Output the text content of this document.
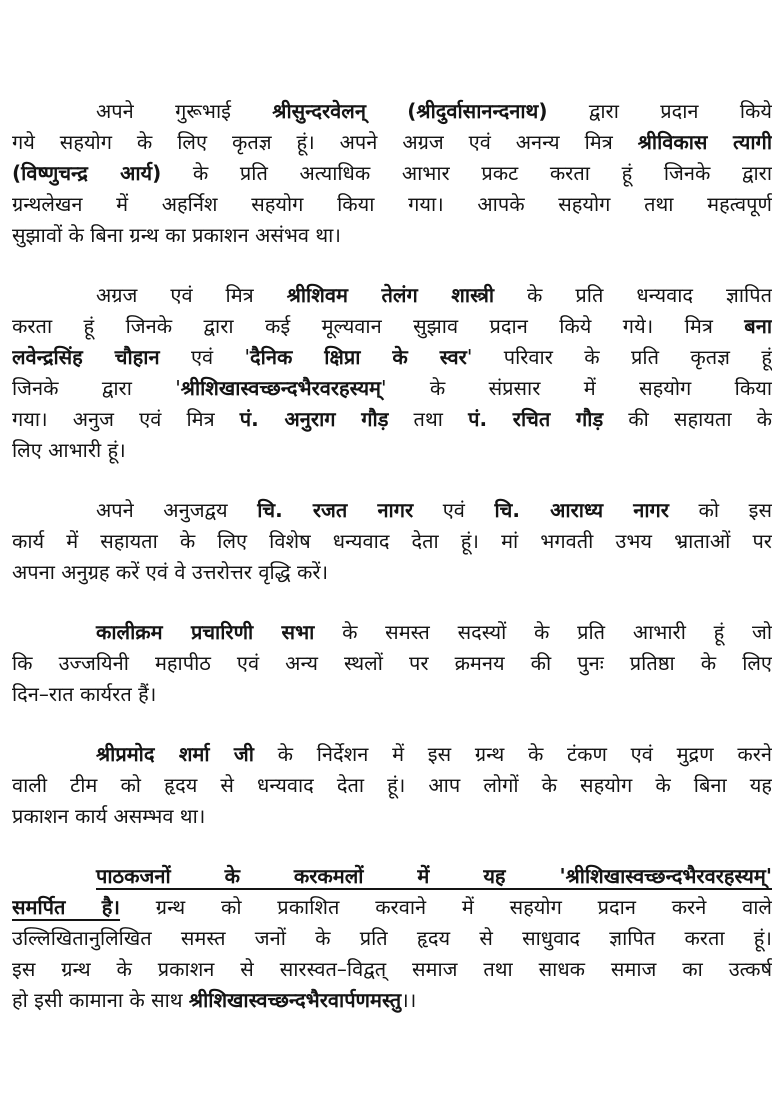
अपने गुरूभाई श्रीसुन्दरवेलन् (श्रीदुर्वासानन्दनाथ) द्वारा प्रदान किये
गये सहयोग के लिए कृतज्ञ हूं। अपने अग्रज एवं अनन्य मित्र श्रीविकास त्यागी
(विष्णुचन्द्र आर्य) के प्रति अत्याधिक आभार प्रकट करता हूं जिनके द्वारा
ग्रन्थलेखन में अहर्निश सहयोग किया गया। आपके सहयोग तथा महत्वपूर्ण
सुझावों के बिना ग्रन्थ का प्रकाशन असंभव था।
अग्रज एवं मित्र श्रीशिवम तेलंग शास्त्री के प्रति धन्यवाद ज्ञापित
करता हूं जिनके द्वारा कई मूल्यवान सुझाव प्रदान किये गये। मित्र बना
लवेन्द्रसिंह चौहान एवं 'दैनिक क्षिप्रा के स्वर' परिवार के प्रति कृतज्ञ हूं
जिनके द्वारा 'श्रीशिखास्वच्छन्दभैरवरहस्यम्' के संप्रसार में सहयोग किया
गया। अनुज एवं मित्र पं. अनुराग गौड़ तथा पं. रचित गौड़ की सहायता के
लिए आभारी हूं।
अपने अनुजद्वय चि. रजत नागर एवं चि. आराध्य नागर को इस
कार्य में सहायता के लिए विशेष धन्यवाद देता हूं। मां भगवती उभय भ्राताओं पर
अपना अनुग्रह करें एवं वे उत्तरोत्तर वृद्धि करें।
कालीक्रम प्रचारिणी सभा के समस्त सदस्यों के प्रति आभारी हूं जो
कि उज्जयिनी महापीठ एवं अन्य स्थलों पर क्रमनय की पुनः प्रतिष्ठा के लिए
दिन–रात कार्यरत हैं।
श्रीप्रमोद शर्मा जी के निर्देशन में इस ग्रन्थ के टंकण एवं मुद्रण करने
वाली टीम को हृदय से धन्यवाद देता हूं। आप लोगों के सहयोग के बिना यह
प्रकाशन कार्य असम्भव था।
पाठकजनों के करकमलों में यह 'श्रीशिखास्वच्छन्दभैरवरहस्यम्'
समर्पित है। ग्रन्थ को प्रकाशित करवाने में सहयोग प्रदान करने वाले
उल्लिखितानुलिखित समस्त जनों के प्रति हृदय से साधुवाद ज्ञापित करता हूं।
इस ग्रन्थ के प्रकाशन से सारस्वत–विद्वत् समाज तथा साधक समाज का उत्कर्ष
हो इसी कामाना के साथ श्रीशिखास्वच्छन्दभैरवार्पणमस्तु।।
